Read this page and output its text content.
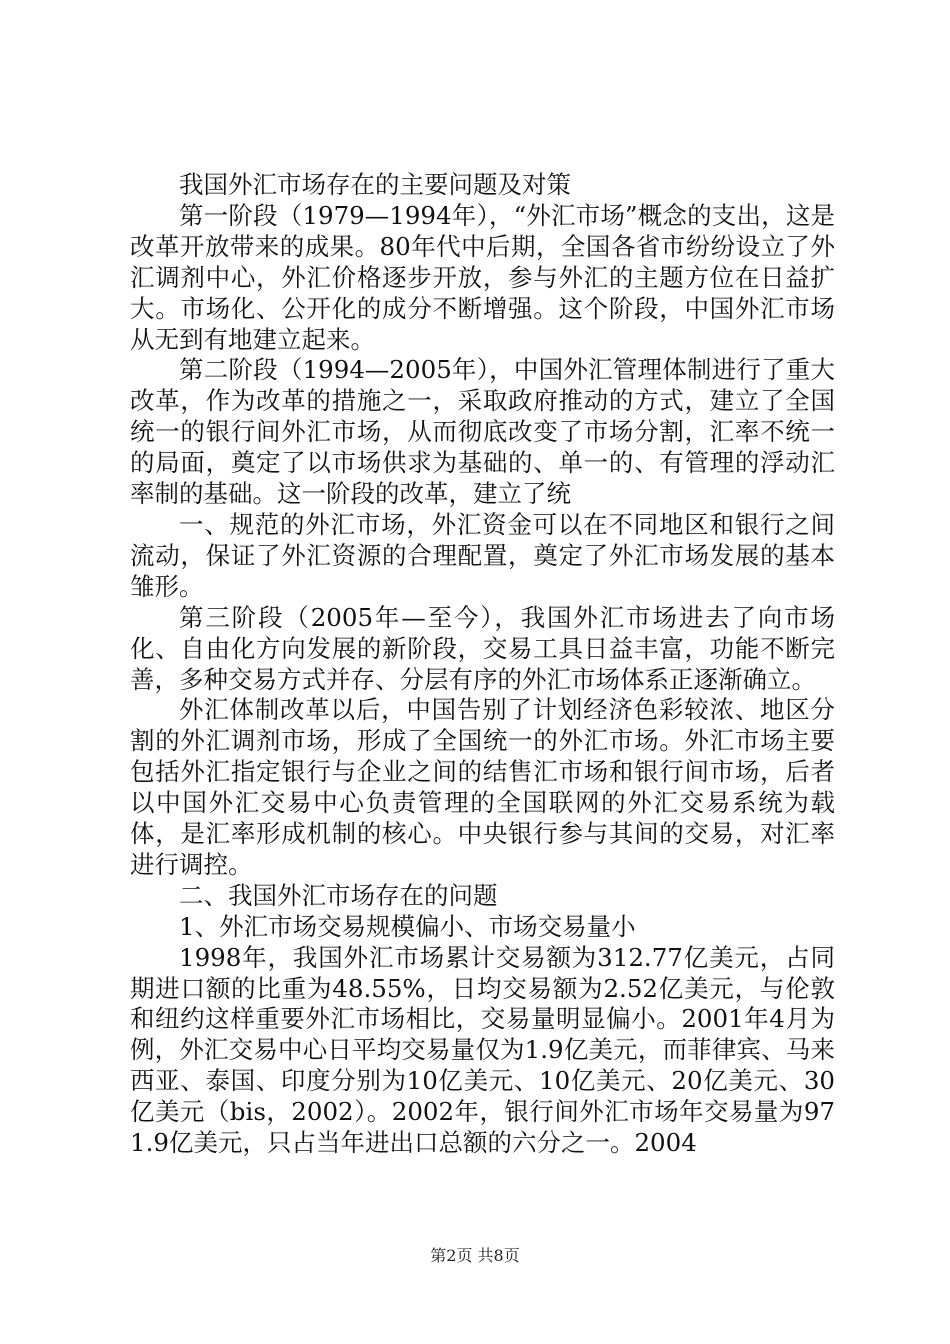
我国外汇市场存在的主要问题及对策

第一阶段（1979—1994年），“外汇市场”概念的支出，这是改革开放带来的成果。80年代中后期，全国各省市纷纷设立了外汇调剂中心，外汇价格逐步开放，参与外汇的主题方位在日益扩大。市场化、公开化的成分不断增强。这个阶段，中国外汇市场从无到有地建立起来。

第二阶段（1994—2005年），中国外汇管理体制进行了重大改革，作为改革的措施之一，采取政府推动的方式，建立了全国统一的银行间外汇市场，从而彻底改变了市场分割，汇率不统一的局面，奠定了以市场供求为基础的、单一的、有管理的浮动汇率制的基础。这一阶段的改革，建立了统

一、规范的外汇市场，外汇资金可以在不同地区和银行之间流动，保证了外汇资源的合理配置，奠定了外汇市场发展的基本雏形。

第三阶段（2005年—至今），我国外汇市场进去了向市场化、自由化方向发展的新阶段，交易工具日益丰富，功能不断完善，多种交易方式并存、分层有序的外汇市场体系正逐渐确立。

外汇体制改革以后，中国告别了计划经济色彩较浓、地区分割的外汇调剂市场，形成了全国统一的外汇市场。外汇市场主要包括外汇指定银行与企业之间的结售汇市场和银行间市场，后者以中国外汇交易中心负责管理的全国联网的外汇交易系统为载体，是汇率形成机制的核心。中央银行参与其间的交易，对汇率进行调控。

二、我国外汇市场存在的问题

1、外汇市场交易规模偏小、市场交易量小

1998年，我国外汇市场累计交易额为312.77亿美元，占同期进口额的比重为48.55%，日均交易额为2.52亿美元，与伦敦和纽约这样重要外汇市场相比，交易量明显偏小。2001年4月为例，外汇交易中心日平均交易量仅为1.9亿美元，而菲律宾、马来西亚、泰国、印度分别为10亿美元、10亿美元、20亿美元、30亿美元（bis，2002）。2002年，银行间外汇市场年交易量为971.9亿美元，只占当年进出口总额的六分之一。2004

第2页 共8页
